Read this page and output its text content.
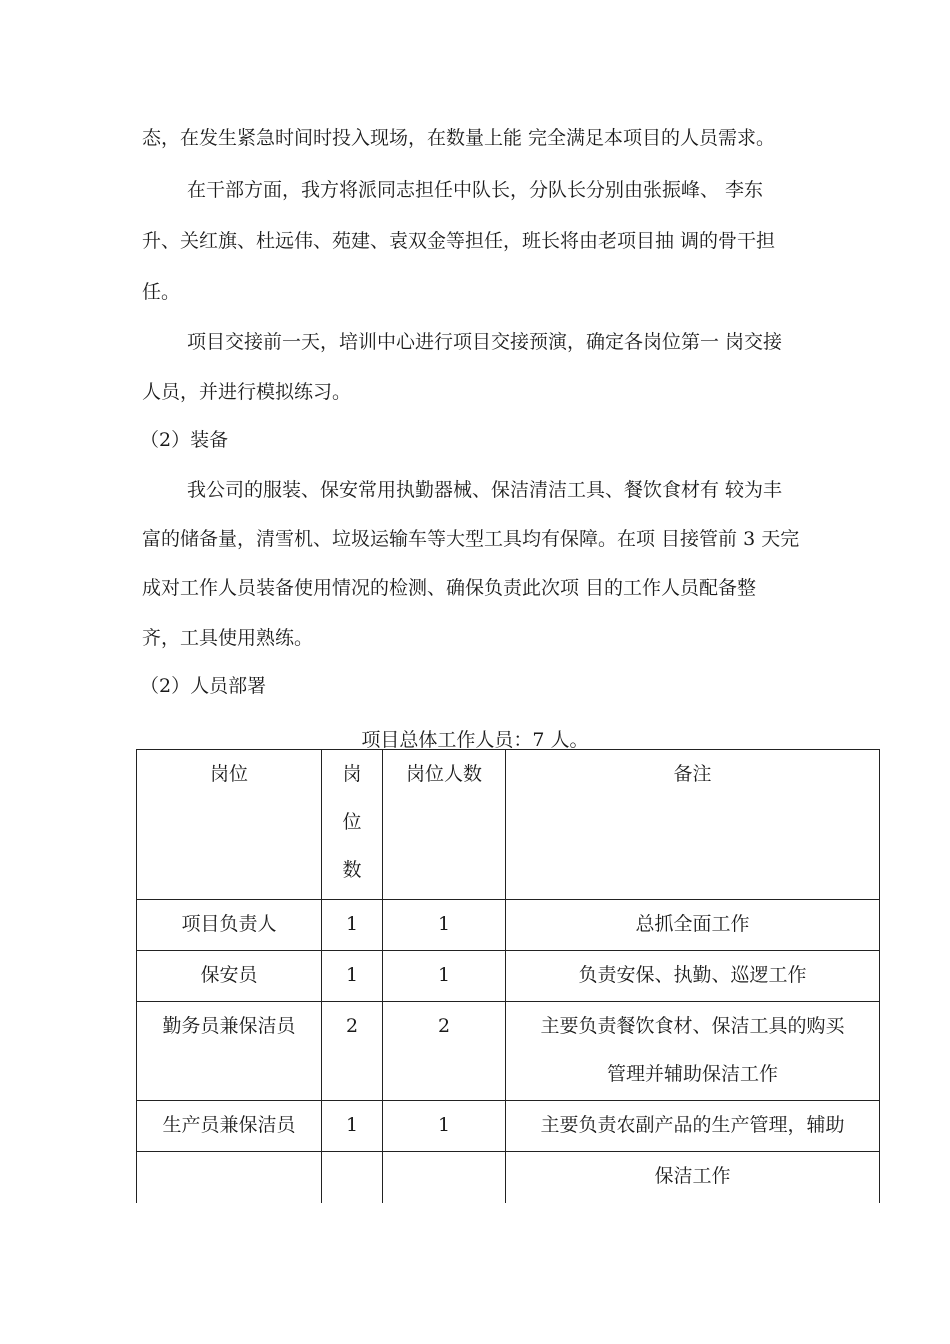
态，在发生紧急时间时投入现场，在数量上能 完全满足本项目的人员需求。

在干部方面，我方将派同志担任中队长，分队长分别由张振峰、 李东

升、关红旗、杜远伟、苑建、袁双金等担任，班长将由老项目抽 调的骨干担

任。

项目交接前一天，培训中心进行项目交接预演，确定各岗位第一 岗交接

人员，并进行模拟练习。

（2）装备

我公司的服装、保安常用执勤器械、保洁清洁工具、餐饮食材有 较为丰

富的储备量，清雪机、垃圾运输车等大型工具均有保障。在项 目接管前 3 天完

成对工作人员装备使用情况的检测、确保负责此次项 目的工作人员配备整

齐，工具使用熟练。

（2）人员部署

项目总体工作人员：7 人。
岗位	岗
位
数	岗位人数	备注
项目负责人	1	1	总抓全面工作
保安员	1	1	负责安保、执勤、巡逻工作
勤务员兼保洁员	2	2	主要负责餐饮食材、保洁工具的购买
管理并辅助保洁工作

生产员兼保洁员	1	1	主要负责农副产品的生产管理，辅助
			保洁工作
